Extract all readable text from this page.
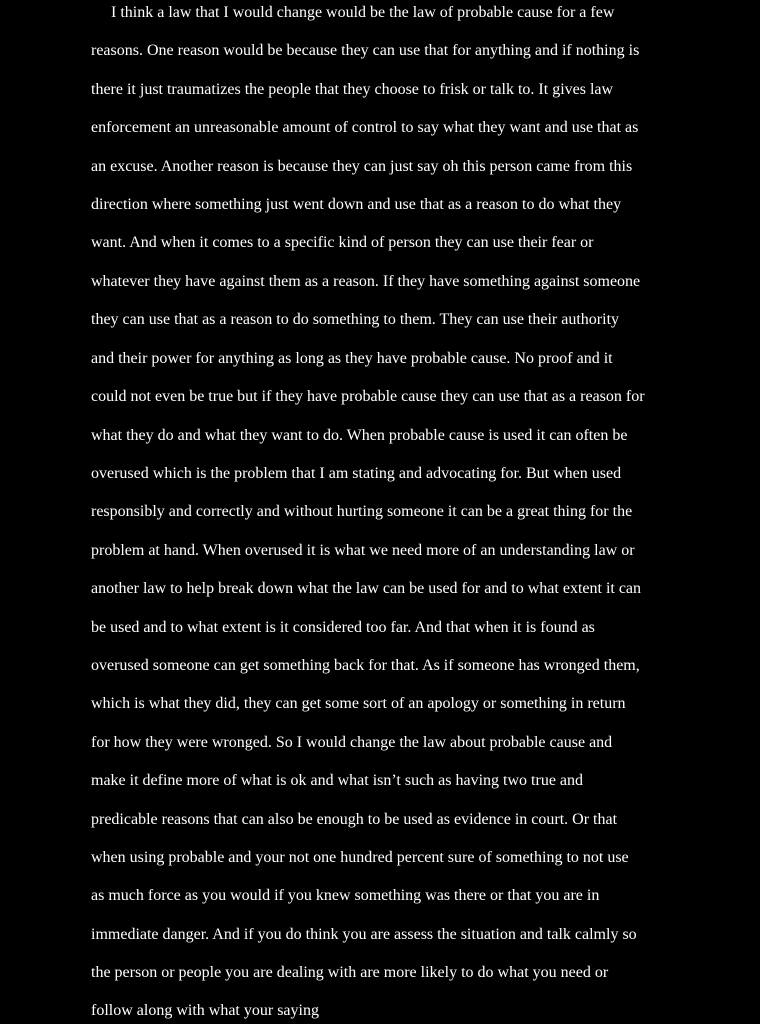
I think a law that I would change would be the law of probable cause for a few
reasons. One reason would be because they can use that for anything and if nothing is
there it just traumatizes the people that they choose to frisk or talk to. It gives law
enforcement an unreasonable amount of control to say what they want and use that as
an excuse. Another reason is because they can just say oh this person came from this
direction where something just went down and use that as a reason to do what they
want. And when it comes to a specific kind of person they can use their fear or
whatever they have against them as a reason. If they have something against someone
they can use that as a reason to do something to them. They can use their authority
and their power for anything as long as they have probable cause. No proof and it
could not even be true but if they have probable cause they can use that as a reason for
what they do and what they want to do. When probable cause is used it can often be
overused which is the problem that I am stating and advocating for. But when used
responsibly and correctly and without hurting someone it can be a great thing for the
problem at hand. When overused it is what we need more of an understanding law or
another law to help break down what the law can be used for and to what extent it can
be used and to what extent is it considered too far. And that when it is found as
overused someone can get something back for that. As if someone has wronged them,
which is what they did, they can get some sort of an apology or something in return
for how they were wronged. So I would change the law about probable cause and
make it define more of what is ok and what isn’t such as having two true and
predicable reasons that can also be enough to be used as evidence in court. Or that
when using probable and your not one hundred percent sure of something to not use
as much force as you would if you knew something was there or that you are in
immediate danger. And if you do think you are assess the situation and talk calmly so
the person or people you are dealing with are more likely to do what you need or
follow along with what your saying
